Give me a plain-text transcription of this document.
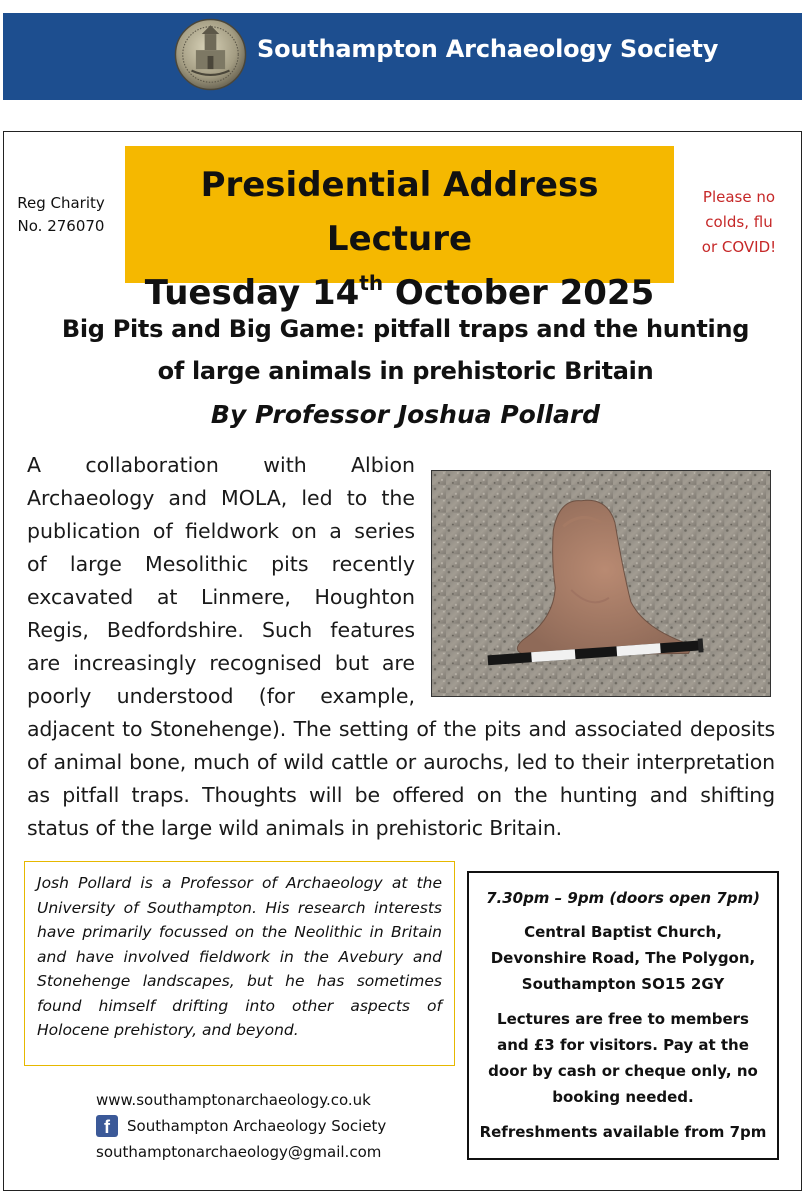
Southampton Archaeology Society
Reg Charity
No. 276070
Presidential Address Lecture
Tuesday 14th October 2025
Please no
colds, flu
or COVID!
Big Pits and Big Game: pitfall traps and the hunting
of large animals in prehistoric Britain
By Professor Joshua Pollard
A collaboration with Albion
Archaeology and MOLA, led to the
publication of fieldwork on a series
of large Mesolithic pits recently
excavated at Linmere, Houghton
Regis, Bedfordshire. Such features
are increasingly recognised but are
poorly understood (for example,

adjacent to Stonehenge). The setting of the pits and associated deposits of animal bone, much of wild cattle or aurochs, led to their interpretation as pitfall traps. Thoughts will be offered on the hunting and shifting status of the large wild animals in prehistoric Britain.

Josh Pollard is a Professor of Archaeology at the University of Southampton. His research interests have primarily focussed on the Neolithic in Britain and have involved fieldwork in the Avebury and Stonehenge landscapes, but he has sometimes found himself drifting into other aspects of Holocene prehistory, and beyond.
7.30pm – 9pm (doors open 7pm)
Central Baptist Church, Devonshire Road, The Polygon, Southampton SO15 2GY
Lectures are free to members and £3 for visitors. Pay at the door by cash or cheque only, no booking needed.
Refreshments available from 7pm
www.southamptonarchaeology.co.uk
f	Southampton Archaeology Society
southamptonarchaeology@gmail.com
